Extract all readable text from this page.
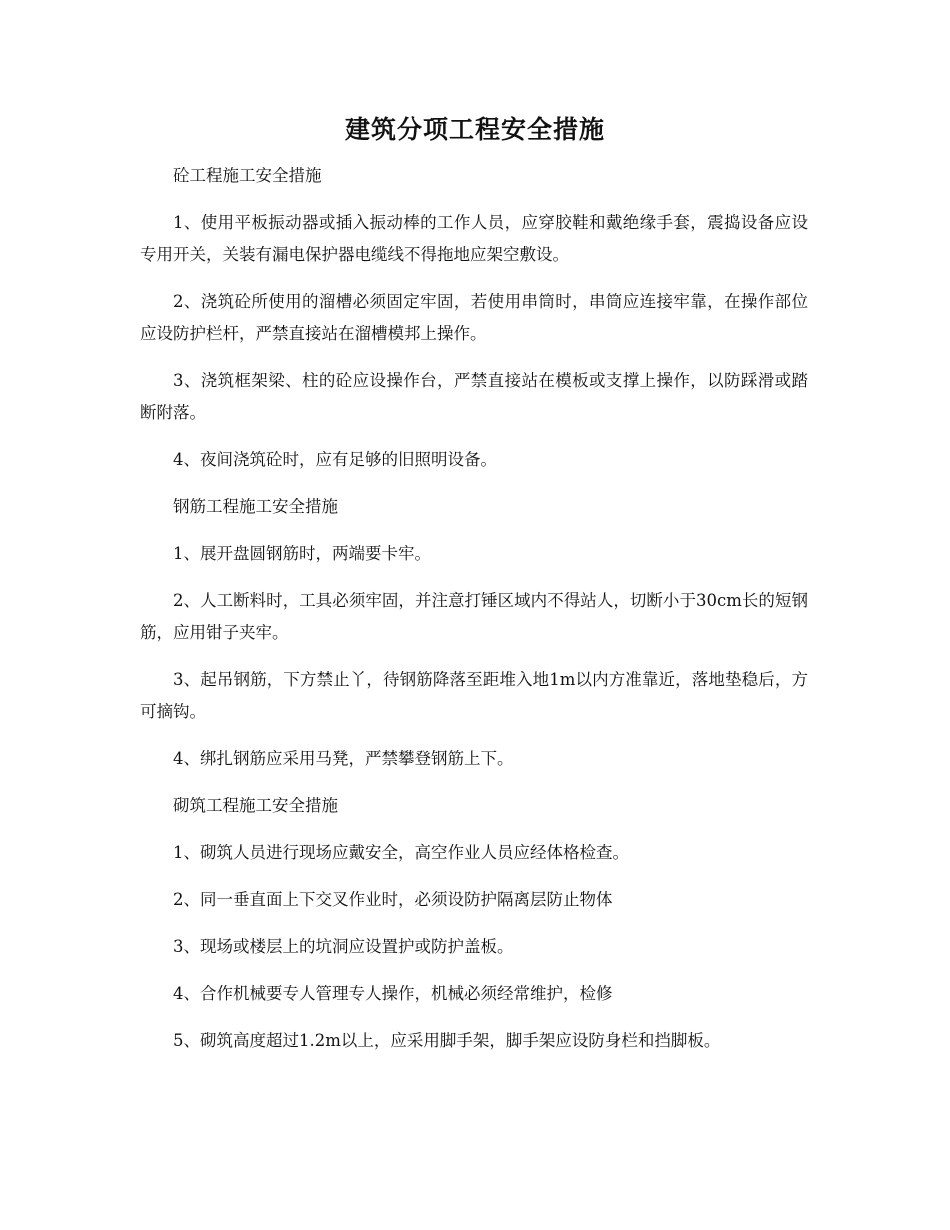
建筑分项工程安全措施

砼工程施工安全措施

1、使用平板振动器或插入振动棒的工作人员，应穿胶鞋和戴绝缘手套，震捣设备应设专用开关，关装有漏电保护器电缆线不得拖地应架空敷设。

2、浇筑砼所使用的溜槽必须固定牢固，若使用串筒时，串筒应连接牢靠，在操作部位应设防护栏杆，严禁直接站在溜槽模邦上操作。

3、浇筑框架梁、柱的砼应设操作台，严禁直接站在模板或支撑上操作，以防踩滑或踏断附落。

4、夜间浇筑砼时，应有足够的旧照明设备。

钢筋工程施工安全措施

1、展开盘圆钢筋时，两端要卡牢。

2、人工断料时，工具必须牢固，并注意打锤区域内不得站人，切断小于30cm长的短钢筋，应用钳子夹牢。

3、起吊钢筋，下方禁止丫，待钢筋降落至距堆入地1m以内方准靠近，落地垫稳后，方可摘钩。

4、绑扎钢筋应采用马凳，严禁攀登钢筋上下。

砌筑工程施工安全措施

1、砌筑人员进行现场应戴安全，高空作业人员应经体格检查。

2、同一垂直面上下交叉作业时，必须设防护隔离层防止物体

3、现场或楼层上的坑洞应设置护或防护盖板。

4、合作机械要专人管理专人操作，机械必须经常维护，检修

5、砌筑高度超过1.2m以上，应采用脚手架，脚手架应设防身栏和挡脚板。
